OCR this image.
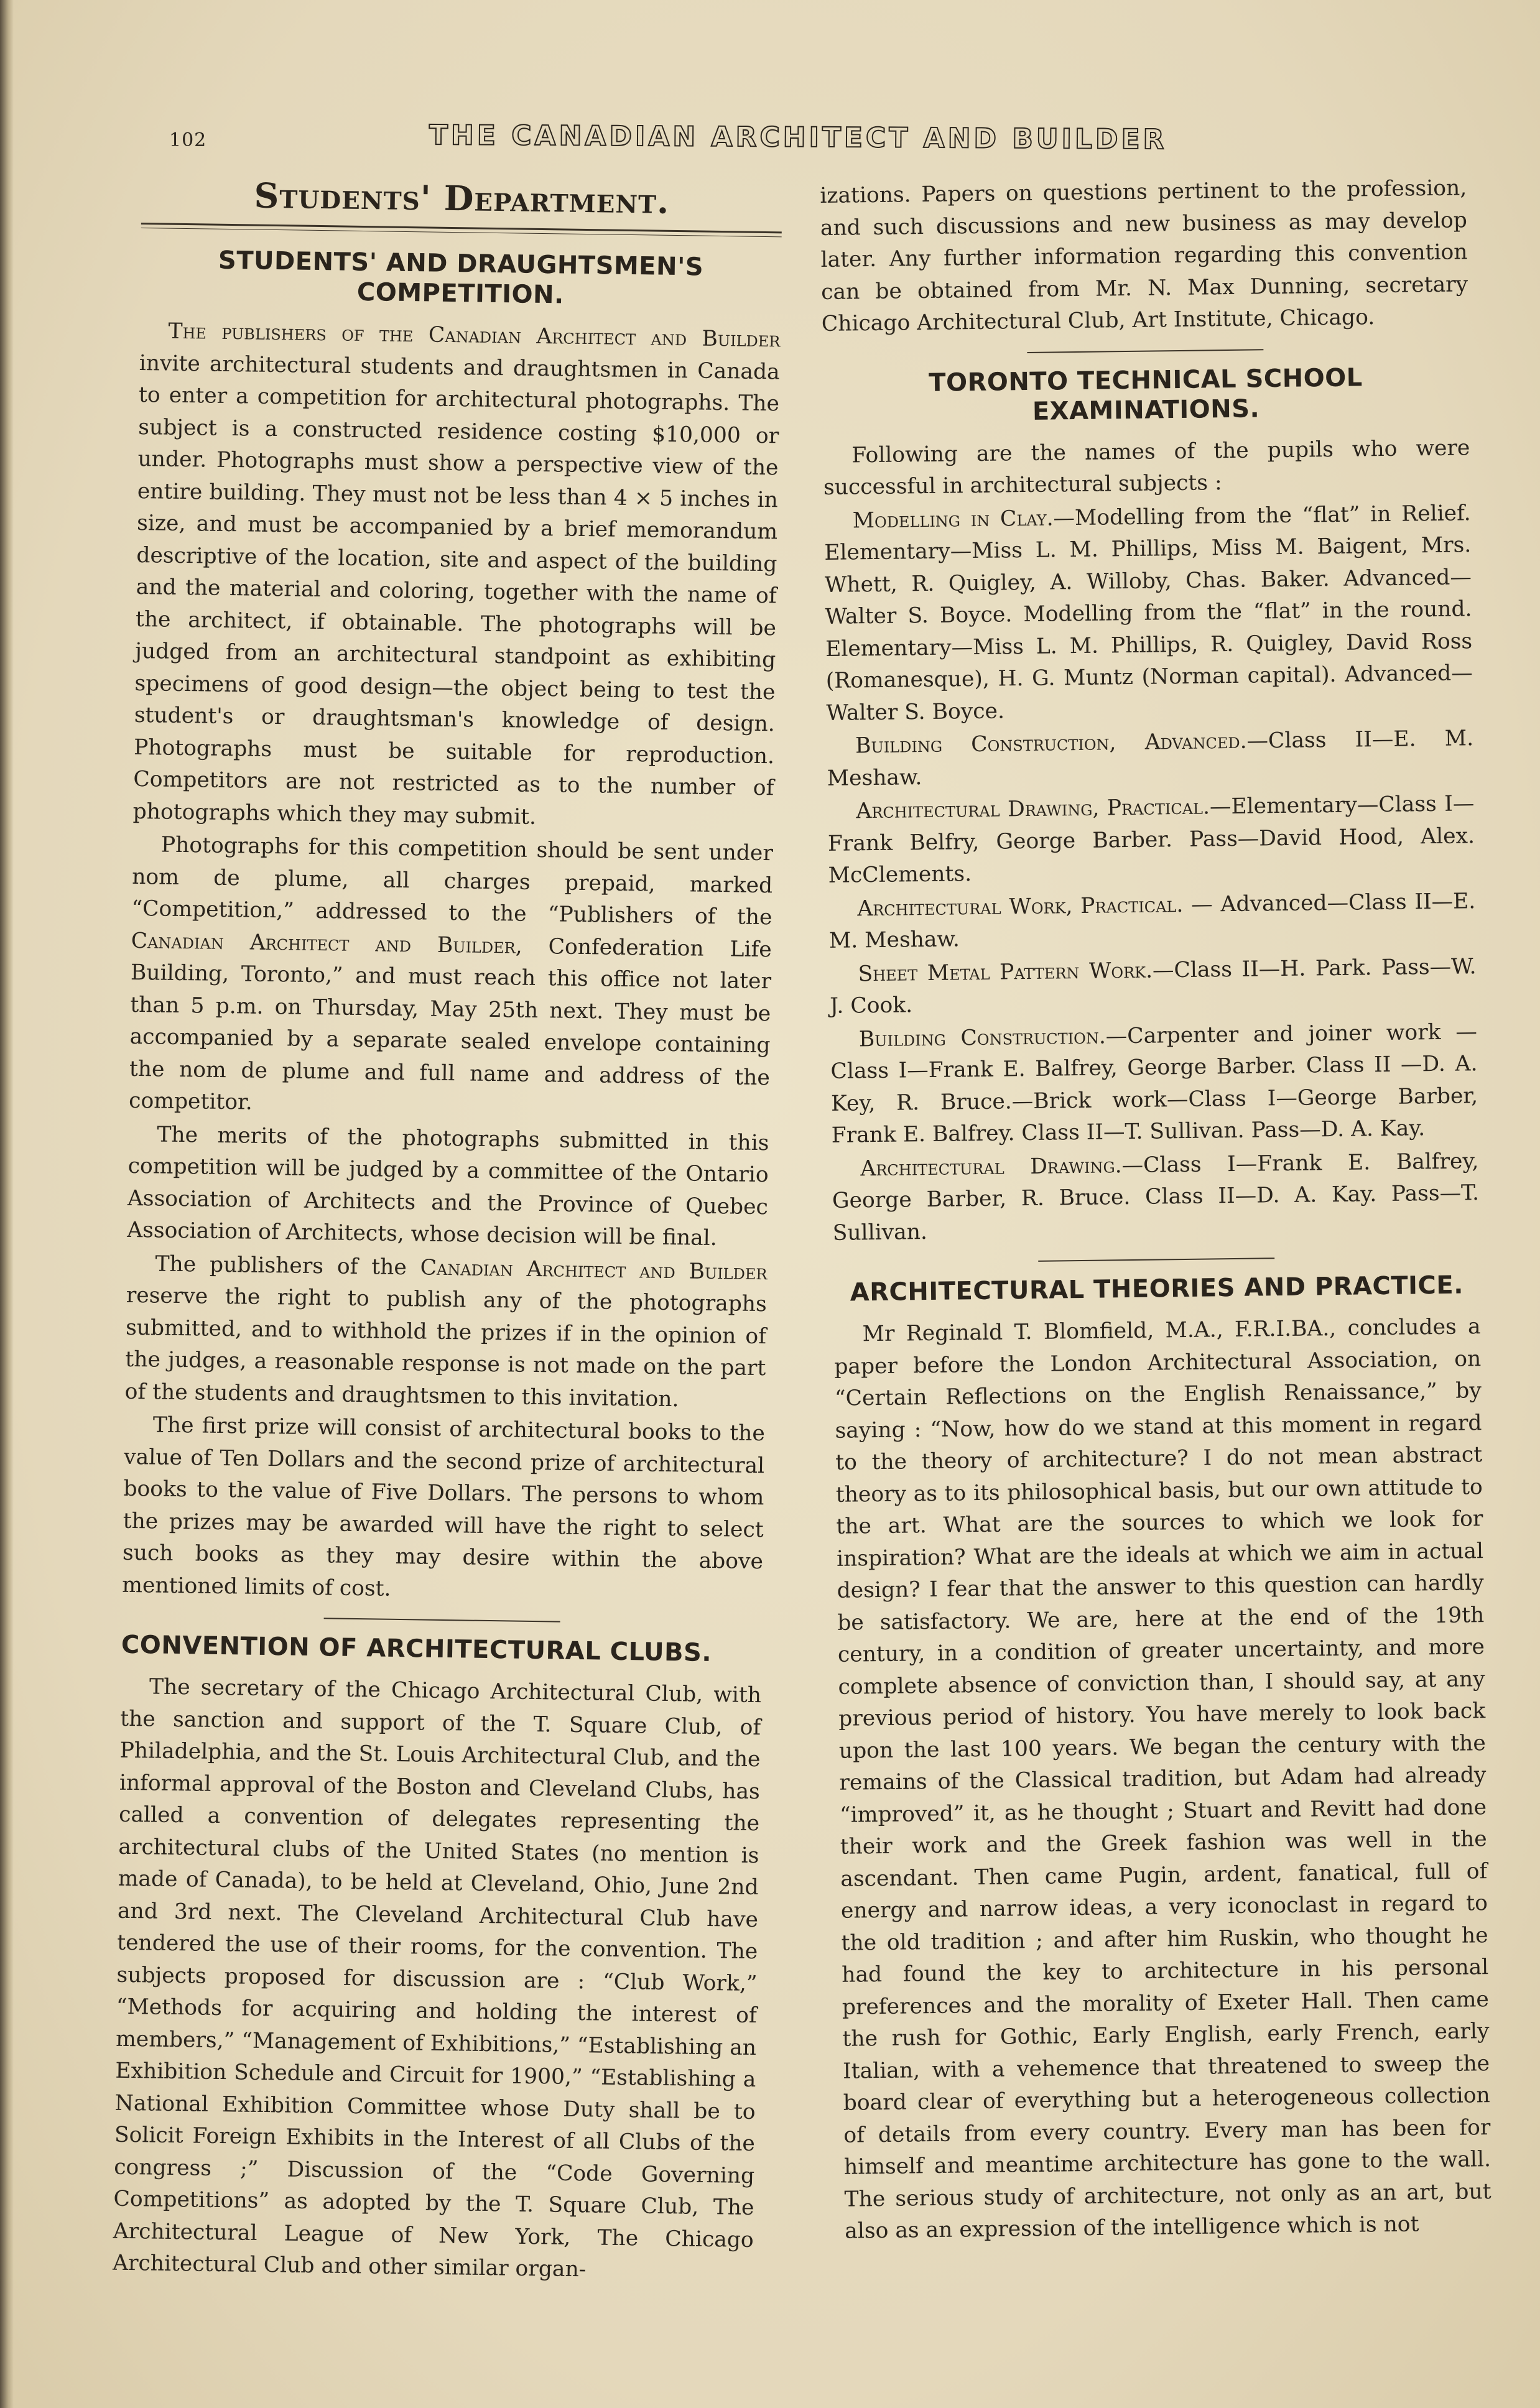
102	THE CANADIAN ARCHITECT AND BUILDER
Students' Department.
STUDENTS' AND DRAUGHTSMEN'S COMPETITION.

The publishers of the Canadian Architect and Builder invite architectural students and draughtsmen in Canada to enter a competition for architectural photographs. The subject is a constructed residence costing $10,000 or under. Photographs must show a perspective view of the entire building. They must not be less than 4 × 5 inches in size, and must be accompanied by a brief memorandum descriptive of the location, site and aspect of the building and the material and coloring, together with the name of the architect, if obtainable. The photographs will be judged from an architectural standpoint as exhibiting specimens of good design—the object being to test the student's or draughtsman's knowledge of design. Photographs must be suitable for reproduction. Competitors are not restricted as to the number of photographs which they may submit.

Photographs for this competition should be sent under nom de plume, all charges prepaid, marked “Competition,” addressed to the “Publishers of the Canadian Architect and Builder, Confederation Life Building, Toronto,” and must reach this office not later than 5 p.m. on Thursday, May 25th next. They must be accompanied by a separate sealed envelope containing the nom de plume and full name and address of the competitor.

The merits of the photographs submitted in this competition will be judged by a committee of the Ontario Association of Architects and the Province of Quebec Association of Architects, whose decision will be final.

The publishers of the Canadian Architect and Builder reserve the right to publish any of the photographs submitted, and to withhold the prizes if in the opinion of the judges, a reasonable response is not made on the part of the students and draughtsmen to this invitation.

The first prize will consist of architectural books to the value of Ten Dollars and the second prize of architectural books to the value of Five Dollars. The persons to whom the prizes may be awarded will have the right to select such books as they may desire within the above mentioned limits of cost.

CONVENTION OF ARCHITECTURAL CLUBS.

The secretary of the Chicago Architectural Club, with the sanction and support of the T. Square Club, of Philadelphia, and the St. Louis Architectural Club, and the informal approval of the Boston and Cleveland Clubs, has called a convention of delegates representing the architectural clubs of the United States (no mention is made of Canada), to be held at Cleveland, Ohio, June 2nd and 3rd next. The Cleveland Architectural Club have tendered the use of their rooms, for the convention. The subjects proposed for discussion are : “Club Work,” “Methods for acquiring and holding the interest of members,” “Management of Exhibitions,” “Establishing an Exhibition Schedule and Circuit for 1900,” “Establishing a National Exhibition Committee whose Duty shall be to Solicit Foreign Exhibits in the Interest of all Clubs of the congress ;” Discussion of the “Code Governing Competitions” as adopted by the T. Square Club, The Architectural League of New York, The Chicago Architectural Club and other similar organ-

izations. Papers on questions pertinent to the profession, and such discussions and new business as may develop later. Any further information regarding this convention can be obtained from Mr. N. Max Dunning, secretary Chicago Architectural Club, Art Institute, Chicago.

TORONTO TECHNICAL SCHOOL EXAMINATIONS.

Following are the names of the pupils who were successful in architectural subjects :

Modelling in Clay.—Modelling from the “flat” in Relief. Elementary—Miss L. M. Phillips, Miss M. Baigent, Mrs. Whett, R. Quigley, A. Willoby, Chas. Baker. Advanced—Walter S. Boyce. Modelling from the “flat” in the round. Elementary—Miss L. M. Phillips, R. Quigley, David Ross (Romanesque), H. G. Muntz (Norman capital). Advanced—Walter S. Boyce.

Building Construction, Advanced.—Class II—E. M. Meshaw.

Architectural Drawing, Practical.—Elementary—Class I—Frank Belfry, George Barber. Pass—David Hood, Alex. McClements.

Architectural Work, Practical. — Advanced—Class II—E. M. Meshaw.

Sheet Metal Pattern Work.—Class II—H. Park. Pass—W. J. Cook.

Building Construction.—Carpenter and joiner work —Class I—Frank E. Balfrey, George Barber. Class II —D. A. Key, R. Bruce.—Brick work—Class I—George Barber, Frank E. Balfrey. Class II—T. Sullivan. Pass—D. A. Kay.

Architectural Drawing.—Class I—Frank E. Balfrey, George Barber, R. Bruce. Class II—D. A. Kay. Pass—T. Sullivan.

ARCHITECTURAL THEORIES AND PRACTICE.

Mr Reginald T. Blomfield, M.A., F.R.I.BA., concludes a paper before the London Architectural Association, on “Certain Reflections on the English Renaissance,” by saying : “Now, how do we stand at this moment in regard to the theory of architecture? I do not mean abstract theory as to its philosophical basis, but our own attitude to the art. What are the sources to which we look for inspiration? What are the ideals at which we aim in actual design? I fear that the answer to this question can hardly be satisfactory. We are, here at the end of the 19th century, in a condition of greater uncertainty, and more complete absence of conviction than, I should say, at any previous period of history. You have merely to look back upon the last 100 years. We began the century with the remains of the Classical tradition, but Adam had already “improved” it, as he thought ; Stuart and Revitt had done their work and the Greek fashion was well in the ascendant. Then came Pugin, ardent, fanatical, full of energy and narrow ideas, a very iconoclast in regard to the old tradition ; and after him Ruskin, who thought he had found the key to architecture in his personal preferences and the morality of Exeter Hall. Then came the rush for Gothic, Early English, early French, early Italian, with a vehemence that threatened to sweep the board clear of everything but a heterogeneous collection of details from every country. Every man has been for himself and meantime architecture has gone to the wall. The serious study of architecture, not only as an art, but also as an expression of the intelligence which is not
